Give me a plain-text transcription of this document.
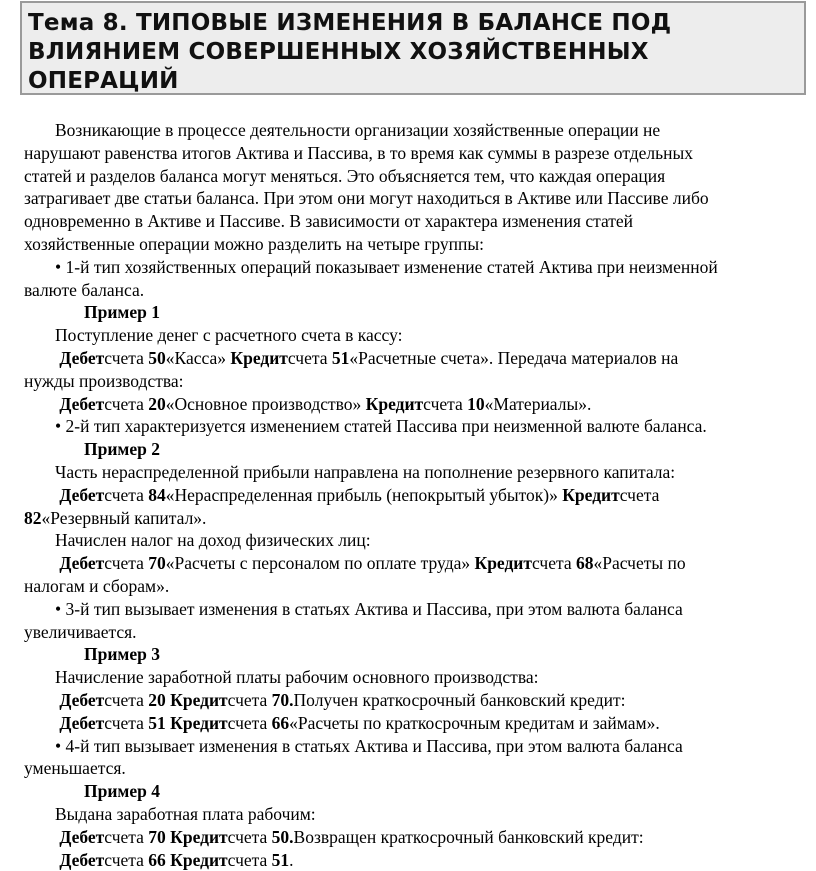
Тема 8. ТИПОВЫЕ ИЗМЕНЕНИЯ В БАЛАНСЕ ПОД
ВЛИЯНИЕМ СОВЕРШЕННЫХ ХОЗЯЙСТВЕННЫХ
ОПЕРАЦИЙ
Возникающие в процессе деятельности организации хозяйственные операции не
нарушают равенства итогов Актива и Пассива, в то время как суммы в разрезе отдельных
статей и разделов баланса могут меняться. Это объясняется тем, что каждая операция
затрагивает две статьи баланса. При этом они могут находиться в Активе или Пассиве либо
одновременно в Активе и Пассиве. В зависимости от характера изменения статей
хозяйственные операции можно разделить на четыре группы:
• 1-й тип хозяйственных операций показывает изменение статей Актива при неизменной
валюте баланса.
Пример 1
Поступление денег с расчетного счета в кассу:
Дебетсчета 50«Касса» Кредитсчета 51«Расчетные счета». Передача материалов на
нужды производства:
Дебетсчета 20«Основное производство» Кредитсчета 10«Материалы».
• 2-й тип характеризуется изменением статей Пассива при неизменной валюте баланса.
Пример 2
Часть нераспределенной прибыли направлена на пополнение резервного капитала:
Дебетсчета 84«Нераспределенная прибыль (непокрытый убыток)» Кредитсчета
82«Резервный капитал».
Начислен налог на доход физических лиц:
Дебетсчета 70«Расчеты с персоналом по оплате труда» Кредитсчета 68«Расчеты по
налогам и сборам».
• 3-й тип вызывает изменения в статьях Актива и Пассива, при этом валюта баланса
увеличивается.
Пример 3
Начисление заработной платы рабочим основного производства:
Дебетсчета 20 Кредитсчета 70.Получен краткосрочный банковский кредит:
Дебетсчета 51 Кредитсчета 66«Расчеты по краткосрочным кредитам и займам».
• 4-й тип вызывает изменения в статьях Актива и Пассива, при этом валюта баланса
уменьшается.
Пример 4
Выдана заработная плата рабочим:
Дебетсчета 70 Кредитсчета 50.Возвращен краткосрочный банковский кредит:
Дебетсчета 66 Кредитсчета 51.
